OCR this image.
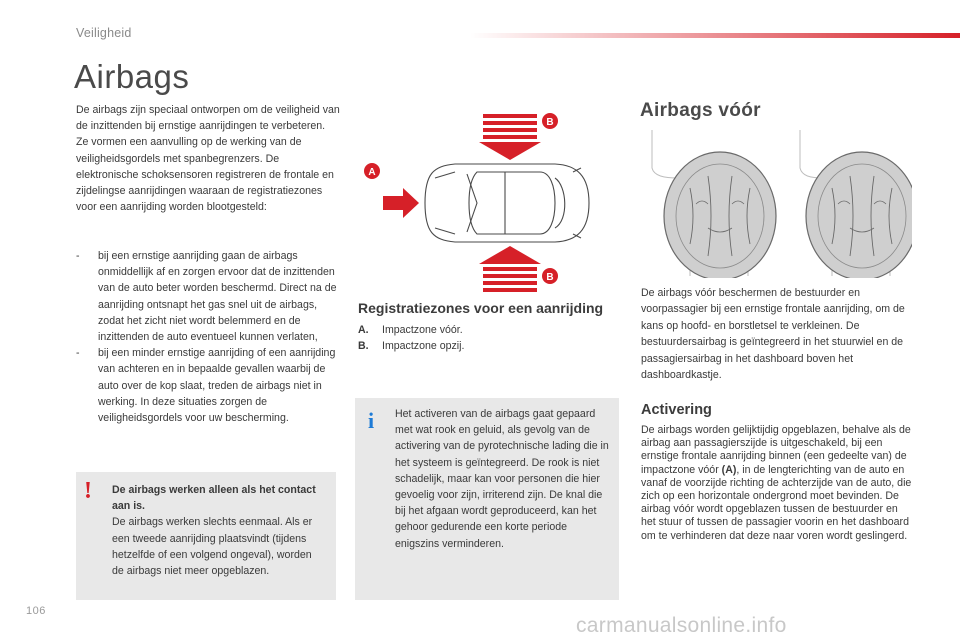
Veiligheid
Airbags

De airbags zijn speciaal ontworpen om de veiligheid van de inzittenden bij ernstige aanrijdingen te verbeteren. Ze vormen een aanvulling op de werking van de veiligheidsgordels met spanbegrenzers. De elektronische schoksensoren registreren de frontale en zijdelingse aanrijdingen waaraan de registratiezones voor een aanrijding worden blootgesteld:

-	bij een ernstige aanrijding gaan de airbags onmiddellijk af en zorgen ervoor dat de inzittenden van de auto beter worden beschermd. Direct na de aanrijding ontsnapt het gas snel uit de airbags, zodat het zicht niet wordt belemmerd en de inzittenden de auto eventueel kunnen verlaten,
-	bij een minder ernstige aanrijding of een aanrijding van achteren en in bepaalde gevallen waarbij de auto over de kop slaat, treden de airbags niet in werking. In deze situaties zorgen de veiligheidsgordels voor uw bescherming.
De airbags werken alleen als het contact aan is.
De airbags werken slechts eenmaal. Als er een tweede aanrijding plaatsvindt (tijdens hetzelfde of een volgend ongeval), worden de airbags niet meer opgeblazen.
!
A
B
B
Registratiezones voor een aanrijding
A. Impactzone vóór.
B. Impactzone opzij.
Het activeren van de airbags gaat gepaard met wat rook en geluid, als gevolg van de activering van de pyrotechnische lading die in het systeem is geïntegreerd. De rook is niet schadelijk, maar kan voor personen die hier gevoelig voor zijn, irriterend zijn. De knal die bij het afgaan wordt geproduceerd, kan het gehoor gedurende een korte periode enigszins verminderen.
i
Airbags vóór

De airbags vóór beschermen de bestuurder en voorpassagier bij een ernstige frontale aanrijding, om de kans op hoofd- en borstletsel te verkleinen. De bestuurdersairbag is geïntegreerd in het stuurwiel en de passagiersairbag in het dashboard boven het dashboardkastje.

Activering

De airbags worden gelijktijdig opgeblazen, behalve als de airbag aan passagierszijde is uitgeschakeld, bij een ernstige frontale aanrijding binnen (een gedeelte van) de impactzone vóór (A), in de lengterichting van de auto en vanaf de voorzijde richting de achterzijde van de auto, die zich op een horizontale ondergrond moet bevinden. De airbag vóór wordt opgeblazen tussen de bestuurder en het stuur of tussen de passagier voorin en het dashboard om te verhinderen dat deze naar voren wordt geslingerd.

106
carmanualsonline.info
